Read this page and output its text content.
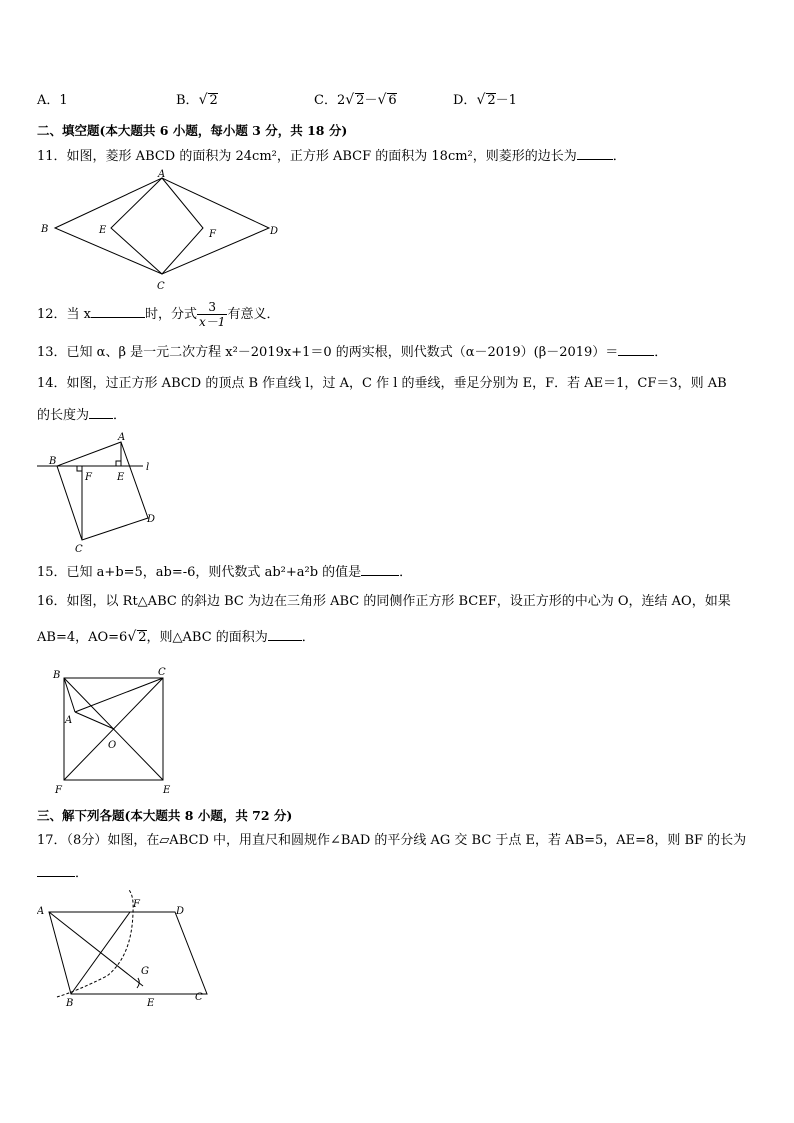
A．1	B．√ 2	C．2√ 2－√ 6	D．√ 2－1
二、填空题(本大题共 6 小题，每小题 3 分，共 18 分)
11．如图，菱形 ABCD 的面积为 24cm²，正方形 ABCF 的面积为 18cm²，则菱形的边长为	．
A
B
C
D
E	F
12．当 x	时，分式 $\frac{3}{x-1}$ 有意义．
13．已知 α、β 是一元二次方程 x²－2019x+1＝0 的两实根，则代数式（α－2019）(β－2019）＝	．
14．如图，过正方形 ABCD 的顶点 B 作直线 l，过 A，C 作 l 的垂线，垂足分别为 E，F．若 AE＝1，CF＝3，则 AB
的长度为 ．
A
B
C
D
E
F
l
15．已知 a+b=5，ab=-6，则代数式 ab²+a²b 的值是	．
16．如图，以 Rt△ABC 的斜边 BC 为边在三角形 ABC 的同侧作正方形 BCEF，设正方形的中心为 O，连结 AO，如果
AB=4，AO=6√ 2，则△ABC 的面积为	．
B	C
A
O
F	E
三、解下列各题(本大题共 8 小题，共 72 分)
17．（8分）如图，在▱ABCD 中，用直尺和圆规作∠BAD 的平分线 AG 交 BC 于点 E，若 AB=5，AE=8，则 BF 的长为
．
A
F
D
G
B	E
C
